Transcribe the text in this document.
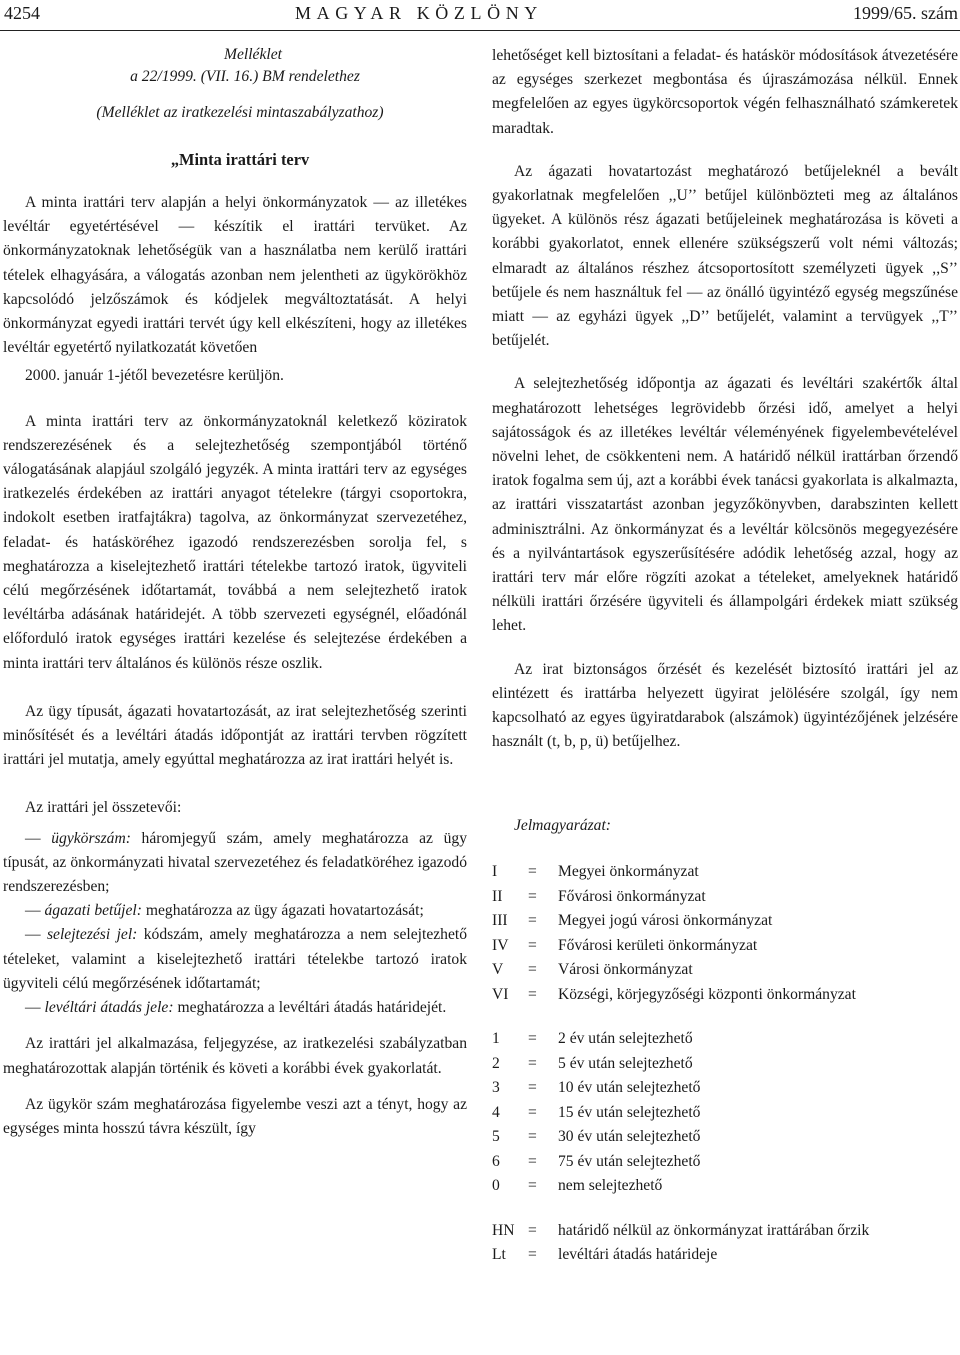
4254	MAGYAR KÖZLÖNY	1999/65. szám
Melléklet
a 22/1999. (VII. 16.) BM rendelethez
(Melléklet az iratkezelési mintaszabályzathoz)
„Minta irattári terv

A minta irattári terv alapján a helyi önkormányzatok — az illetékes levéltár egyetértésével — készítik el irattári tervüket. Az önkormányzatoknak lehetőségük van a használatba nem kerülő irattári tételek elhagyására, a válogatás azonban nem jelentheti az ügykörökhöz kapcsolódó jelzőszámok és kódjelek megváltoztatását. A helyi önkormányzat egyedi irattári tervét úgy kell elkészíteni, hogy az illetékes levéltár egyetértő nyilatkozatát követően

2000. január 1-jétől bevezetésre kerüljön.

A minta irattári terv az önkormányzatoknál keletkező köziratok rendszerezésének és a selejtezhetőség szempontjából történő válogatásának alapjául szolgáló jegyzék. A minta irattári terv az egységes iratkezelés érdekében az irattári anyagot tételekre (tárgyi csoportokra, indokolt esetben iratfajtákra) tagolva, az önkormányzat szervezetéhez, feladat- és hatásköréhez igazodó rendszerezésben sorolja fel, s meghatározza a kiselejtezhető irattári tételekbe tartozó iratok, ügyviteli célú megőrzésének időtartamát, továbbá a nem selejtezhető iratok levéltárba adásának határidejét. A több szervezeti egységnél, előadónál előforduló iratok egységes irattári kezelése és selejtezése érdekében a minta irattári terv általános és különös része oszlik.

Az ügy típusát, ágazati hovatartozását, az irat selejtezhetőség szerinti minősítését és a levéltári átadás időpontját az irattári tervben rögzített irattári jel mutatja, amely egyúttal meghatározza az irat irattári helyét is.

Az irattári jel összetevői:

— ügykörszám: háromjegyű szám, amely meghatározza az ügy típusát, az önkormányzati hivatal szervezetéhez és feladatköréhez igazodó rendszerezésben;

— ágazati betűjel: meghatározza az ügy ágazati hovatartozását;

— selejtezési jel: kódszám, amely meghatározza a nem selejtezhető tételeket, valamint a kiselejtezhető irattári tételekbe tartozó iratok ügyviteli célú megőrzésének időtartamát;

— levéltári átadás jele: meghatározza a levéltári átadás határidejét.

Az irattári jel alkalmazása, feljegyzése, az iratkezelési szabályzatban meghatározottak alapján történik és követi a korábbi évek gyakorlatát.

Az ügykör szám meghatározása figyelembe veszi azt a tényt, hogy az egységes minta hosszú távra készült, így

lehetőséget kell biztosítani a feladat- és hatáskör módosítások átvezetésére az egységes szerkezet megbontása és újraszámozása nélkül. Ennek megfelelően az egyes ügykörcsoportok végén felhasználható számkeretek maradtak.

Az ágazati hovatartozást meghatározó betűjeleknél a bevált gyakorlatnak megfelelően ,,U’’ betűjel különbözteti meg az általános ügyeket. A különös rész ágazati betűjeleinek meghatározása is követi a korábbi gyakorlatot, ennek ellenére szükségszerű volt némi változás; elmaradt az általános részhez átcsoportosított személyzeti ügyek ,,S’’ betűjele és nem használtuk fel — az önálló ügyintéző egység megszűnése miatt — az egyházi ügyek ,,D’’ betűjelét, valamint a tervügyek ,,T’’ betűjelét.

A selejtezhetőség időpontja az ágazati és levéltári szakértők által meghatározott lehetséges legrövidebb őrzési idő, amelyet a helyi sajátosságok és az illetékes levéltár véleményének figyelembevételével növelni lehet, de csökkenteni nem. A határidő nélkül irattárban őrzendő iratok fogalma sem új, azt a korábbi évek tanácsi gyakorlata is alkalmazta, az irattári visszatartást azonban jegyzőkönyvben, darabszinten kellett adminisztrálni. Az önkormányzat és a levéltár kölcsönös megegyezésére és a nyilvántartások egyszerűsítésére adódik lehetőség azzal, hogy az irattári terv már előre rögzíti azokat a tételeket, amelyeknek határidő nélküli irattári őrzésére ügyviteli és állampolgári érdekek miatt szükség lehet.

Az irat biztonságos őrzését és kezelését biztosító irattári jel az elintézett és irattárba helyezett ügyirat jelölésére szolgál, így nem kapcsolható az egyes ügyiratdarabok (alszámok) ügyintézőjének jelzésére használt (t, b, p, ü) betűjelhez.

Jelmagyarázat:
I	=	Megyei önkormányzat
II	=	Fővárosi önkormányzat
III	=	Megyei jogú városi önkormányzat
IV	=	Fővárosi kerületi önkormányzat
V	=	Városi önkormányzat
VI	=	Községi, körjegyzőségi központi önkormányzat
1	=	2 év után selejtezhető
2	=	5 év után selejtezhető
3	=	10 év után selejtezhető
4	=	15 év után selejtezhető
5	=	30 év után selejtezhető
6	=	75 év után selejtezhető
0	=	nem selejtezhető
HN	=	határidő nélkül az önkormányzat irattárában őrzik
Lt	=	levéltári átadás határideje
